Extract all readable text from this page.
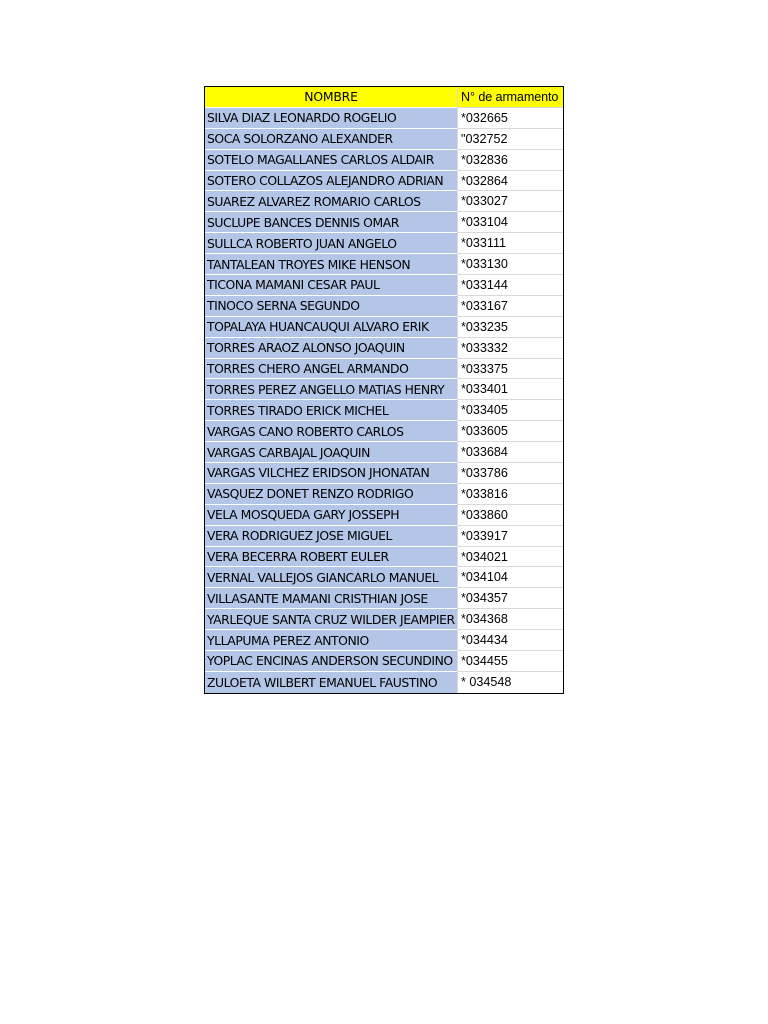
NOMBRE	N° de armamento
SILVA DIAZ LEONARDO ROGELIO	*032665
SOCA SOLORZANO ALEXANDER	"032752
SOTELO MAGALLANES CARLOS ALDAIR	*032836
SOTERO COLLAZOS ALEJANDRO ADRIAN	*032864
SUAREZ ALVAREZ ROMARIO CARLOS	*033027
SUCLUPE BANCES DENNIS OMAR	*033104
SULLCA ROBERTO JUAN ANGELO	*033111
TANTALEAN TROYES MIKE HENSON	*033130
TICONA MAMANI CESAR PAUL	*033144
TINOCO SERNA SEGUNDO	*033167
TOPALAYA HUANCAUQUI ALVARO ERIK	*033235
TORRES ARAOZ ALONSO JOAQUIN	*033332
TORRES CHERO ANGEL ARMANDO	*033375
TORRES PEREZ ANGELLO MATIAS HENRY	*033401
TORRES TIRADO ERICK MICHEL	*033405
VARGAS CANO ROBERTO CARLOS	*033605
VARGAS CARBAJAL JOAQUIN	*033684
VARGAS VILCHEZ ERIDSON JHONATAN	*033786
VASQUEZ DONET RENZO RODRIGO	*033816
VELA MOSQUEDA GARY JOSSEPH	*033860
VERA RODRIGUEZ JOSE MIGUEL	*033917
VERA BECERRA ROBERT EULER	*034021
VERNAL VALLEJOS GIANCARLO MANUEL	*034104
VILLASANTE MAMANI CRISTHIAN JOSE	*034357
YARLEQUE SANTA CRUZ WILDER JEAMPIER *034368
YLLAPUMA PEREZ ANTONIO	*034434
YOPLAC ENCINAS ANDERSON SECUNDINO *034455
ZULOETA WILBERT EMANUEL FAUSTINO	* 034548
